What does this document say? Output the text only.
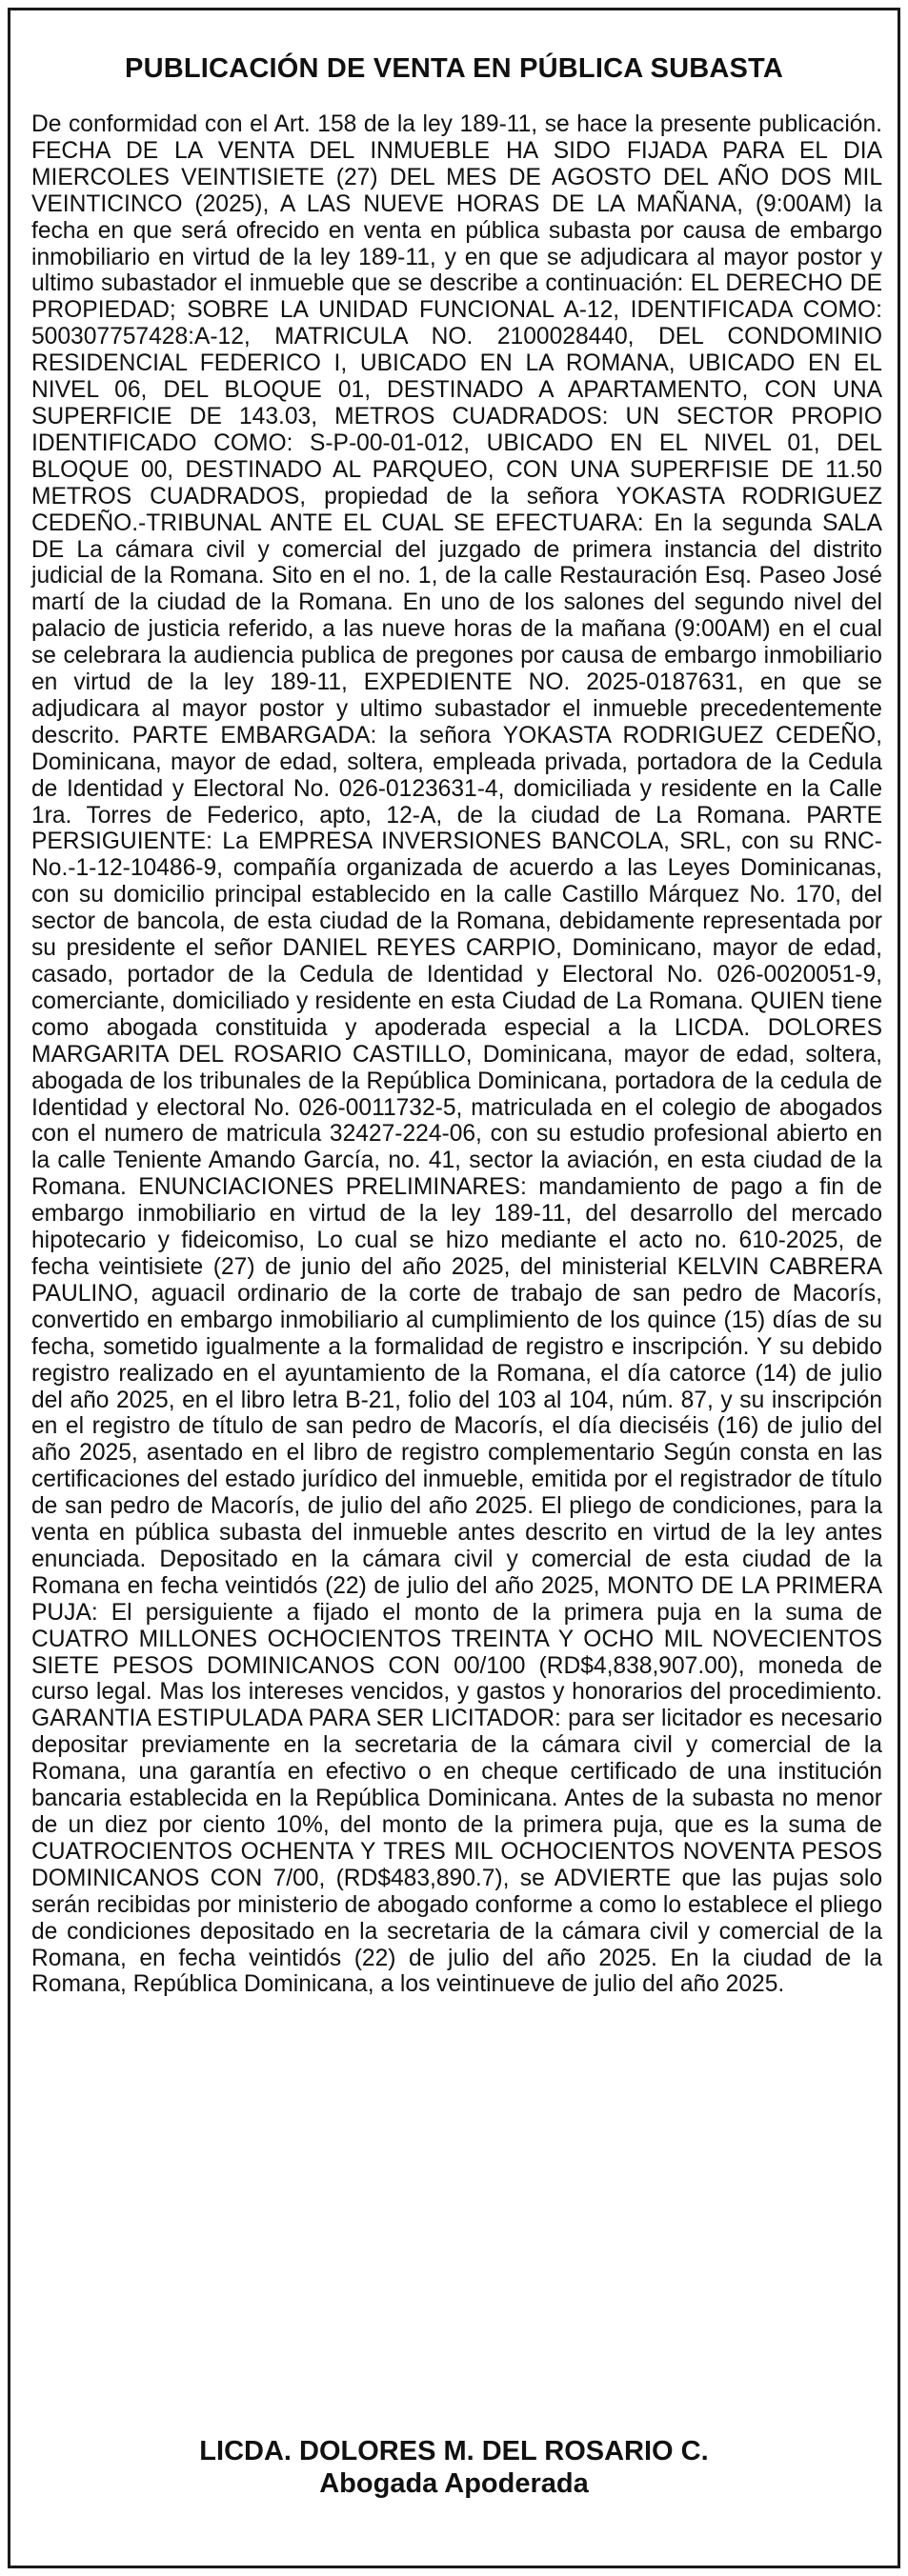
PUBLICACIÓN DE VENTA EN PÚBLICA SUBASTA

De conformidad con el Art. 158 de la ley 189-11, se hace la presente publicación. FECHA DE LA VENTA DEL INMUEBLE HA SIDO FIJADA PARA EL DIA MIERCOLES VEINTISIETE (27) DEL MES DE AGOSTO DEL AÑO DOS MIL VEINTICINCO (2025), A LAS NUEVE HORAS DE LA MAÑANA, (9:00AM) la fecha en que será ofrecido en venta en pública subasta por causa de embargo inmobiliario en virtud de la ley 189-11, y en que se adjudicara al mayor postor y ultimo subastador el inmueble que se describe a continuación: EL DERECHO DE PROPIEDAD; SOBRE LA UNIDAD FUNCIONAL A-12, IDENTIFICADA COMO: 500307757428:A-12, MATRICULA NO. 2100028440, DEL CONDOMINIO RESIDENCIAL FEDERICO I, UBICADO EN LA ROMANA, UBICADO EN EL NIVEL 06, DEL BLOQUE 01, DESTINADO A APARTAMENTO, CON UNA SUPERFICIE DE 143.03, METROS CUADRADOS: UN SECTOR PROPIO IDENTIFICADO COMO: S-P-00-01-012, UBICADO EN EL NIVEL 01, DEL BLOQUE 00, DESTINADO AL PARQUEO, CON UNA SUPERFISIE DE 11.50 METROS CUADRADOS, propiedad de la señora YOKASTA RODRIGUEZ CEDEÑO.-TRIBUNAL ANTE EL CUAL SE EFECTUARA: En la segunda SALA DE La cámara civil y comercial del juzgado de primera instancia del distrito judicial de la Romana. Sito en el no. 1, de la calle Restauración Esq. Paseo José martí de la ciudad de la Romana. En uno de los salones del segundo nivel del palacio de justicia referido, a las nueve horas de la mañana (9:00AM) en el cual se celebrara la audiencia publica de pregones por causa de embargo inmobiliario en virtud de la ley 189-11, EXPEDIENTE NO. 2025-0187631, en que se adjudicara al mayor postor y ultimo subastador el inmueble precedentemente descrito. PARTE EMBARGADA: la señora YOKASTA RODRIGUEZ CEDEÑO, Dominicana, mayor de edad, soltera, empleada privada, portadora de la Cedula de Identidad y Electoral No. 026-0123631-4, domiciliada y residente en la Calle 1ra. Torres de Federico, apto, 12-A, de la ciudad de La Romana. PARTE PERSIGUIENTE: La EMPRESA INVERSIONES BANCOLA, SRL, con su RNC- No.-1-12-10486-9, compañía organizada de acuerdo a las Leyes Dominicanas, con su domicilio principal establecido en la calle Castillo Márquez No. 170, del sector de bancola, de esta ciudad de la Romana, debidamente representada por su presidente el señor DANIEL REYES CARPIO, Dominicano, mayor de edad, casado, portador de la Cedula de Identidad y Electoral No. 026-0020051-9, comerciante, domiciliado y residente en esta Ciudad de La Romana. QUIEN tiene como abogada constituida y apoderada especial a la LICDA. DOLORES MARGARITA DEL ROSARIO CASTILLO, Dominicana, mayor de edad, soltera, abogada de los tribunales de la República Dominicana, portadora de la cedula de Identidad y electoral No. 026-0011732-5, matriculada en el colegio de abogados con el numero de matricula 32427-224-06, con su estudio profesional abierto en la calle Teniente Amando García, no. 41, sector la aviación, en esta ciudad de la Romana. ENUNCIACIONES PRELIMINARES: mandamiento de pago a fin de embargo inmobiliario en virtud de la ley 189-11, del desarrollo del mercado hipotecario y fideicomiso, Lo cual se hizo mediante el acto no. 610-2025, de fecha veintisiete (27) de junio del año 2025, del ministerial KELVIN CABRERA PAULINO, aguacil ordinario de la corte de trabajo de san pedro de Macorís, convertido en embargo inmobiliario al cumplimiento de los quince (15) días de su fecha, sometido igualmente a la formalidad de registro e inscripción. Y su debido registro realizado en el ayuntamiento de la Romana, el día catorce (14) de julio del año 2025, en el libro letra B-21, folio del 103 al 104, núm. 87, y su inscripción en el registro de título de san pedro de Macorís, el día dieciséis (16) de julio del año 2025, asentado en el libro de registro complementario Según consta en las certificaciones del estado jurídico del inmueble, emitida por el registrador de título de san pedro de Macorís, de julio del año 2025. El pliego de condiciones, para la venta en pública subasta del inmueble antes descrito en virtud de la ley antes enunciada. Depositado en la cámara civil y comercial de esta ciudad de la Romana en fecha veintidós (22) de julio del año 2025, MONTO DE LA PRIMERA PUJA: El persiguiente a fijado el monto de la primera puja en la suma de CUATRO MILLONES OCHOCIENTOS TREINTA Y OCHO MIL NOVECIENTOS SIETE PESOS DOMINICANOS CON 00/100 (RD$4,838,907.00), moneda de curso legal. Mas los intereses vencidos, y gastos y honorarios del procedimiento. GARANTIA ESTIPULADA PARA SER LICITADOR: para ser licitador es necesario depositar previamente en la secretaria de la cámara civil y comercial de la Romana, una garantía en efectivo o en cheque certificado de una institución bancaria establecida en la República Dominicana. Antes de la subasta no menor de un diez por ciento 10%, del monto de la primera puja, que es la suma de CUATROCIENTOS OCHENTA Y TRES MIL OCHOCIENTOS NOVENTA PESOS DOMINICANOS CON 7/00, (RD$483,890.7), se ADVIERTE que las pujas solo serán recibidas por ministerio de abogado conforme a como lo establece el pliego de condiciones depositado en la secretaria de la cámara civil y comercial de la Romana, en fecha veintidós (22) de julio del año 2025. En la ciudad de la Romana, República Dominicana, a los veintinueve de julio del año 2025.

LICDA. DOLORES M. DEL ROSARIO C.
Abogada Apoderada
